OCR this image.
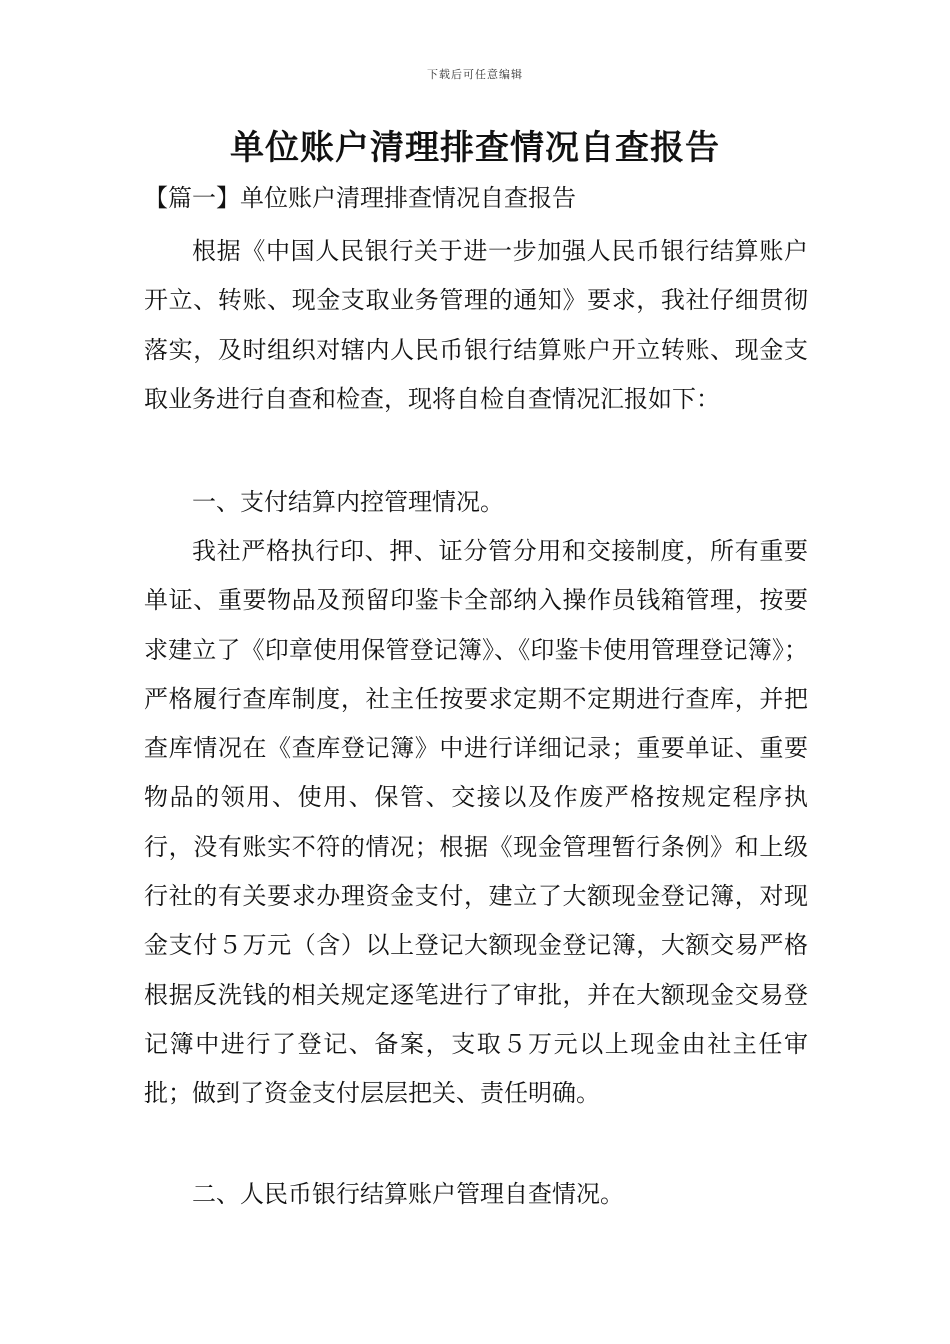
下载后可任意编辑
单位账户清理排查情况自查报告
【篇一】单位账户清理排查情况自查报告

根据《中国人民银行关于进一步加强人民币银行结算账户开立、转账、现金支取业务管理的通知》要求，我社仔细贯彻落实，及时组织对辖内人民币银行结算账户开立转账、现金支取业务进行自查和检查，现将自检自查情况汇报如下：

一、支付结算内控管理情况。

我社严格执行印、押、证分管分用和交接制度，所有重要单证、重要物品及预留印鉴卡全部纳入操作员钱箱管理，按要求建立了《印章使用保管登记簿》、《印鉴卡使用管理登记簿》；严格履行查库制度，社主任按要求定期不定期进行查库，并把查库情况在《查库登记簿》中进行详细记录；重要单证、重要物品的领用、使用、保管、交接以及作废严格按规定程序执行，没有账实不符的情况；根据《现金管理暂行条例》和上级行社的有关要求办理资金支付，建立了大额现金登记簿，对现金支付５万元（含）以上登记大额现金登记簿，大额交易严格根据反洗钱的相关规定逐笔进行了审批，并在大额现金交易登记簿中进行了登记、备案，支取５万元以上现金由社主任审批；做到了资金支付层层把关、责任明确。

二、人民币银行结算账户管理自查情况。
